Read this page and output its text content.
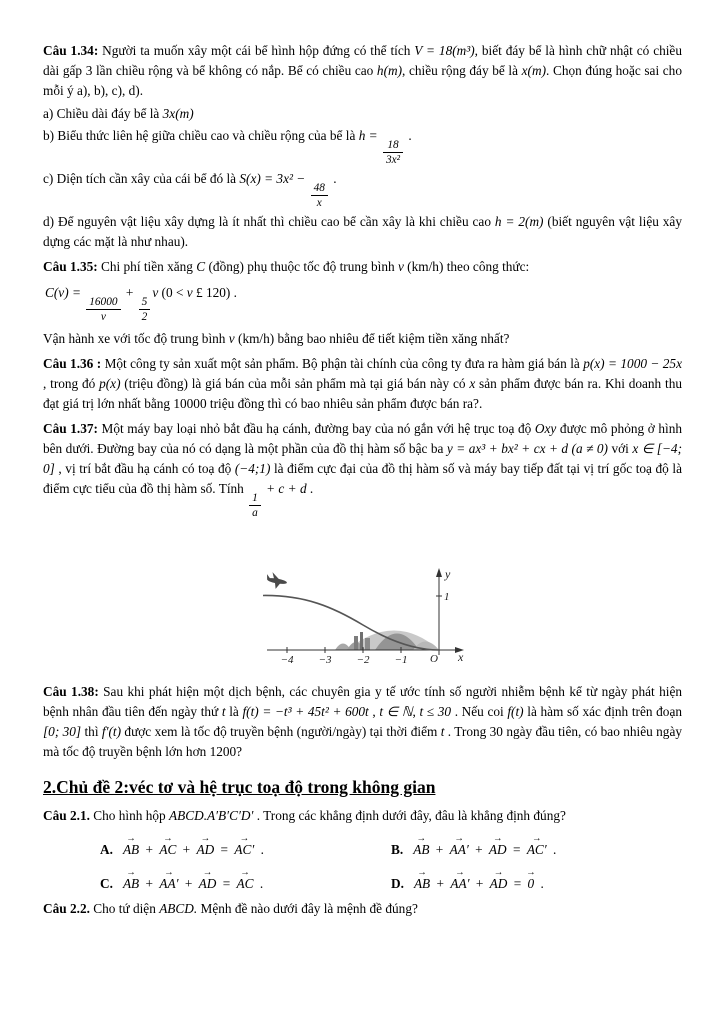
Câu 1.34: Người ta muốn xây một cái bể hình hộp đứng có thể tích V = 18(m³), biết đáy bể là hình chữ nhật có chiều dài gấp 3 lần chiều rộng và bể không có nắp. Bể có chiều cao h(m), chiều rộng đáy bể là x(m). Chọn đúng hoặc sai cho mỗi ý a), b), c), d).
a) Chiều dài đáy bể là 3x(m)
b) Biểu thức liên hệ giữa chiều cao và chiều rộng của bể là h =
$\frac{18}{\text{3x²}}$
.
c) Diện tích cần xây của cái bể đó là S(x) = 3x² −
$\frac{48}{x}$
.
d) Để nguyên vật liệu xây dựng là ít nhất thì chiều cao bể cần xây là khi chiều cao h = 2(m) (biết nguyên vật liệu xây dựng các mặt là như nhau).
Câu 1.35: Chi phí tiền xăng C (đồng) phụ thuộc tốc độ trung bình v (km/h) theo công thức:
C(v) =
$\frac{16000}{v}$
+
$\frac{5}{2}$
v (0 < v £ 120) .
Vận hành xe với tốc độ trung bình v (km/h) bằng bao nhiêu để tiết kiệm tiền xăng nhất?
Câu 1.36 : Một công ty sản xuất một sản phẩm. Bộ phận tài chính của công ty đưa ra hàm giá bán là p(x) = 1000 − 25x , trong đó p(x) (triệu đồng) là giá bán của mỗi sản phẩm mà tại giá bán này có x sản phẩm được bán ra. Khi doanh thu đạt giá trị lớn nhất bằng 10000 triệu đồng thì có bao nhiêu sản phẩm được bán ra?.
Câu 1.37: Một máy bay loại nhỏ bắt đầu hạ cánh, đường bay của nó gắn với hệ trục toạ độ Oxy được mô phỏng ở hình bên dưới. Đường bay của nó có dạng là một phần của đồ thị hàm số bậc ba y = ax³ + bx² + cx + d (a ≠ 0) với x ∈ [−4; 0] , vị trí bắt đầu hạ cánh có toạ độ (−4;1) là điểm cực đại của đồ thị hàm số và máy bay tiếp đất tại vị trí gốc toạ độ là điểm cực tiểu của đồ thị hàm số. Tính
$\frac{1}{a}$
+ c + d .
y
x
1
−4 −3 −2 −1 O
Câu 1.38: Sau khi phát hiện một dịch bệnh, các chuyên gia y tế ước tính số người nhiễm bệnh kể từ ngày phát hiện bệnh nhân đầu tiên đến ngày thứ t là f(t) = −t³ + 45t² + 600t , t ∈ ℕ, t ≤ 30 . Nếu coi f(t) là hàm số xác định trên đoạn [0; 30] thì f′(t) được xem là tốc độ truyền bệnh (người/ngày) tại thời điểm t . Trong 30 ngày đầu tiên, có bao nhiêu ngày mà tốc độ truyền bệnh lớn hơn 1200?
2.Chủ đề 2:véc tơ và hệ trục toạ độ trong không gian
Câu 2.1. Cho hình hộp ABCD.A′B′C′D′ . Trong các khẳng định dưới đây, đâu là khẳng định đúng?
A. → AB + → AC + → AD = → AC′ .	B. → AB + → AA′ + → AD = → AC′ .
C. → AB + → AA′ + → AD = → AC .	D. → AB + → AA′ + → AD = → 0 .
Câu 2.2. Cho tứ diện ABCD. Mệnh đề nào dưới đây là mệnh đề đúng?
